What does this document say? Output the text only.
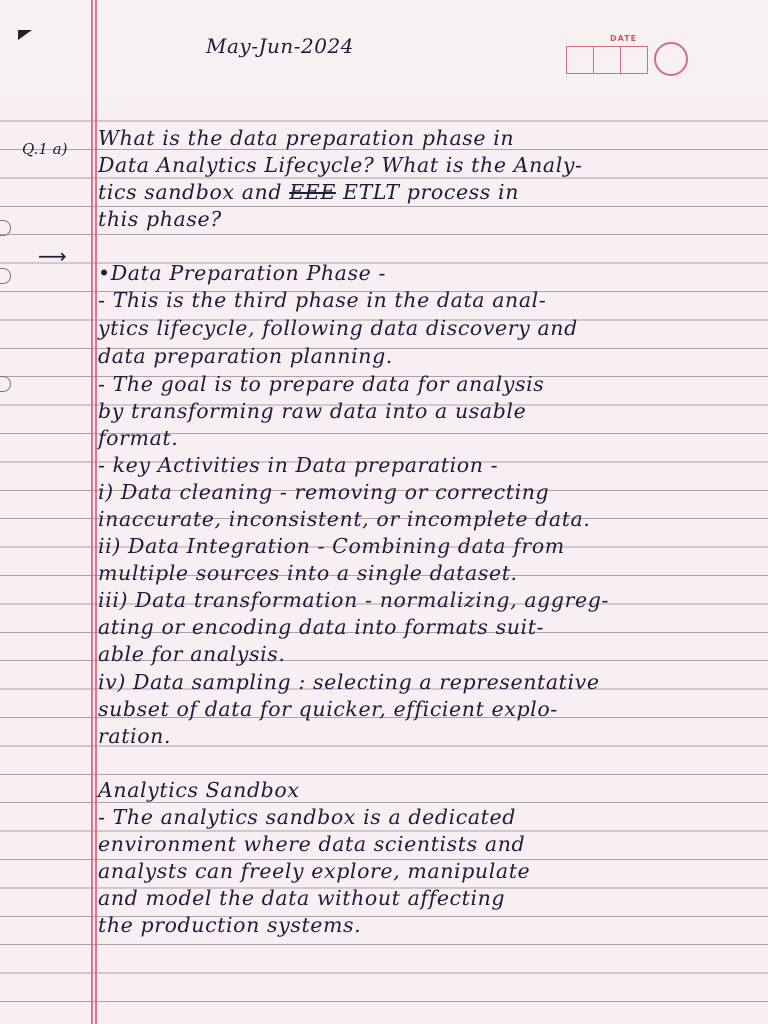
May-Jun-2024	DATE
Q.1 a) What is the data preparation phase in
Data Analytics Lifecycle? What is the Analy-
tics sandbox and EEE ETLT process in
this phase?
⟶
•Data Preparation Phase -
- This is the third phase in the data anal-
ytics lifecycle, following data discovery and
data preparation planning.
- The goal is to prepare data for analysis
by transforming raw data into a usable
format.
- key Activities in Data preparation -
i) Data cleaning - removing or correcting
inaccurate, inconsistent, or incomplete data.
ii) Data Integration - Combining data from
multiple sources into a single dataset.
iii) Data transformation - normalizing, aggreg-
ating or encoding data into formats suit-
able for analysis.
iv) Data sampling : selecting a representative
subset of data for quicker, efficient explo-
ration.
Analytics Sandbox
- The analytics sandbox is a dedicated
environment where data scientists and
analysts can freely explore, manipulate
and model the data without affecting
the production systems.
